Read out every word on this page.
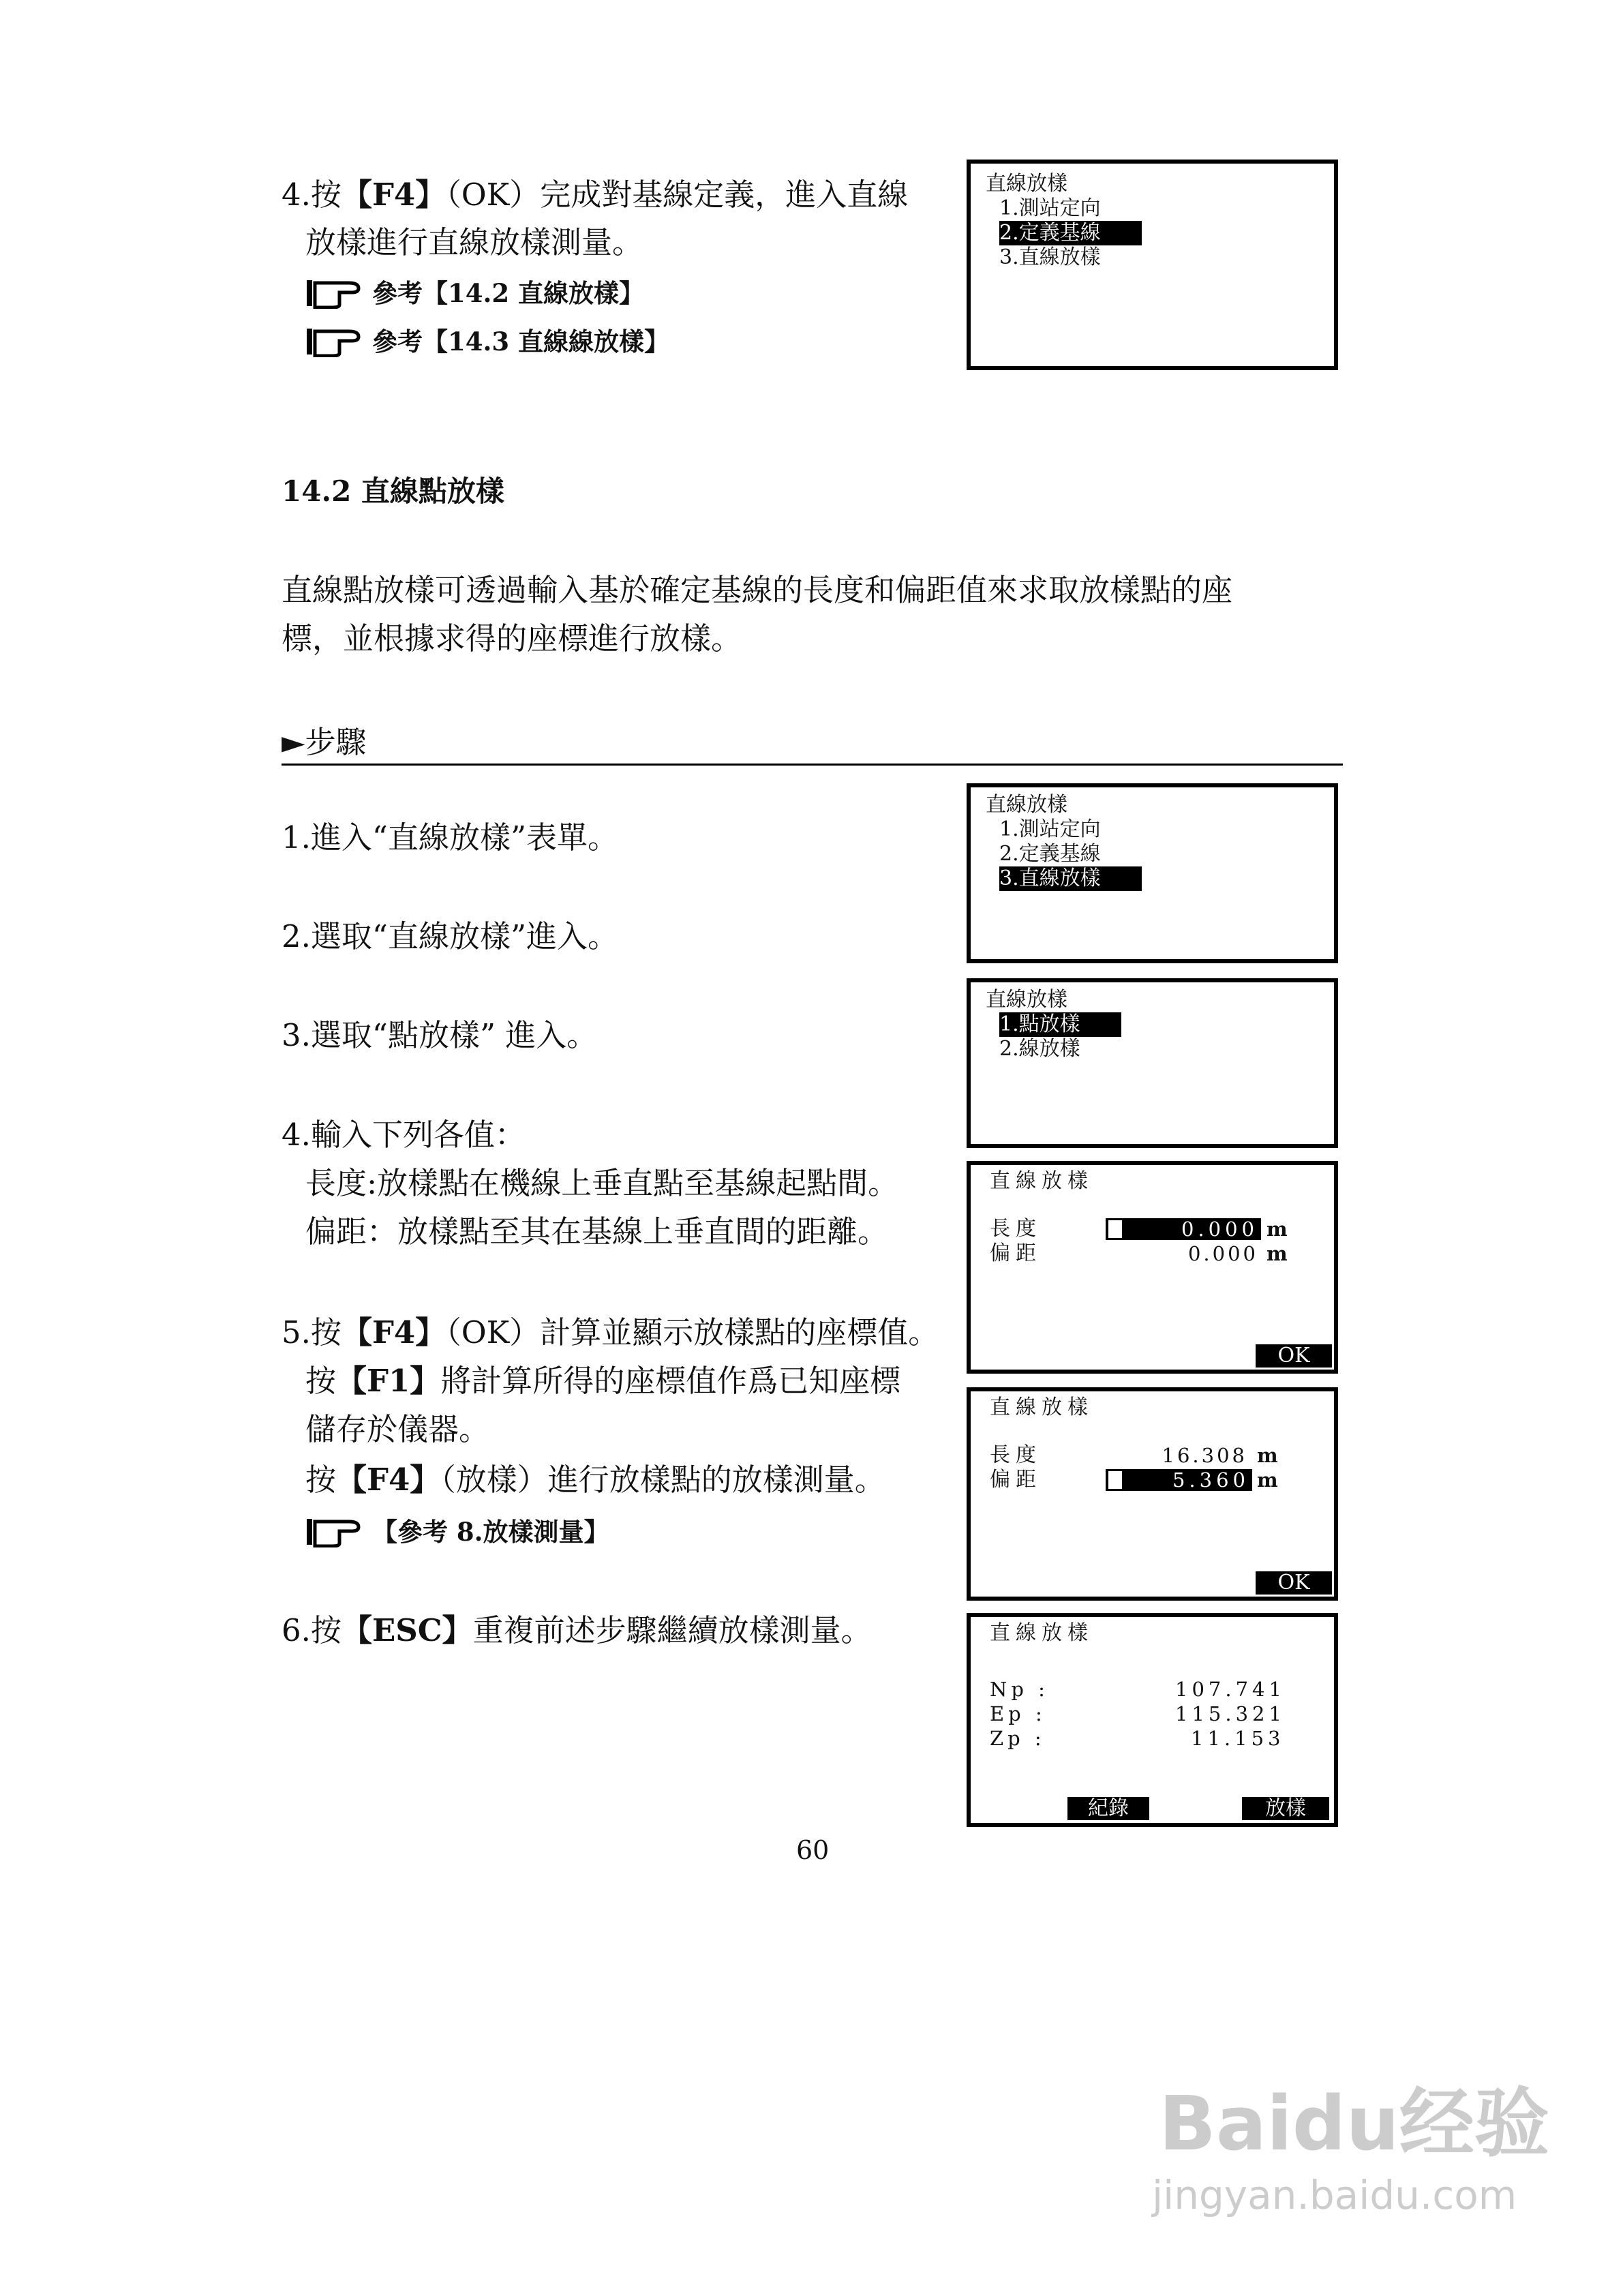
4.按【F4】（OK）完成對基線定義，進入直線
放樣進行直線放樣測量。
參考【14.2 直線放樣】
參考【14.3 直線線放樣】
直線放樣
1.測站定向
2.定義基線
3.直線放樣
14.2 直線點放樣
直線點放樣可透過輸入基於確定基線的長度和偏距值來求取放樣點的座
標，並根據求得的座標進行放樣。
►步驟
1.進入“直線放樣”表單。
2.選取“直線放樣”進入。
3.選取“點放樣” 進入。
4.輸入下列各值：
長度:放樣點在機線上垂直點至基線起點間。
偏距：放樣點至其在基線上垂直間的距離。
5.按【F4】（OK）計算並顯示放樣點的座標值。
按【F1】將計算所得的座標值作爲已知座標
儲存於儀器。
按【F4】（放樣）進行放樣點的放樣測量。
【參考 8.放樣測量】
6.按【ESC】重複前述步驟繼續放樣測量。
直線放樣
1.測站定向
2.定義基線
3.直線放樣
直線放樣
1.點放樣
2.線放樣
直線放樣
長度
偏距
0.000 m
0.000 m
OK
直線放樣
長度
偏距
16.308 m
5.360 m
OK
直線放樣
Np :
Ep :
Zp :
107.741
115.321
11.153
紀錄	放樣
60
Baidu经验
jingyan.baidu.com
